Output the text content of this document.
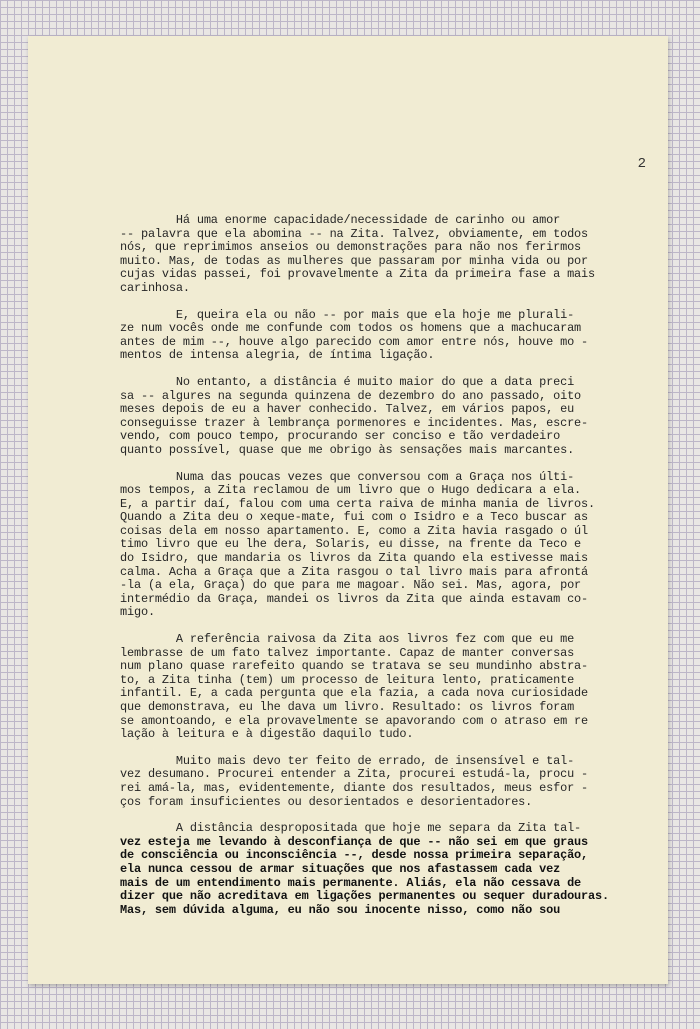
2

Há uma enorme capacidade/necessidade de carinho ou amor
-- palavra que ela abomina -- na Zita. Talvez, obviamente, em todos
nós, que reprimimos anseios ou demonstrações para não nos ferirmos
muito. Mas, de todas as mulheres que passaram por minha vida ou por
cujas vidas passei, foi provavelmente a Zita da primeira fase a mais
carinhosa.

E, queira ela ou não -- por mais que ela hoje me plurali-
ze num vocês onde me confunde com todos os homens que a machucaram
antes de mim --, houve algo parecido com amor entre nós, houve mo -
mentos de intensa alegria, de íntima ligação.

No entanto, a distância é muito maior do que a data preci
sa -- algures na segunda quinzena de dezembro do ano passado, oito
meses depois de eu a haver conhecido. Talvez, em vários papos, eu
conseguisse trazer à lembrança pormenores e incidentes. Mas, escre-
vendo, com pouco tempo, procurando ser conciso e tão verdadeiro
quanto possível, quase que me obrigo às sensações mais marcantes.

Numa das poucas vezes que conversou com a Graça nos últi-
mos tempos, a Zita reclamou de um livro que o Hugo dedicara a ela.
E, a partir daí, falou com uma certa raiva de minha mania de livros.
Quando a Zita deu o xeque-mate, fui com o Isidro e a Teco buscar as
coisas dela em nosso apartamento. E, como a Zita havia rasgado o úl
timo livro que eu lhe dera, Solaris, eu disse, na frente da Teco e
do Isidro, que mandaria os livros da Zita quando ela estivesse mais
calma. Acha a Graça que a Zita rasgou o tal livro mais para afrontá
-la (a ela, Graça) do que para me magoar. Não sei. Mas, agora, por
intermédio da Graça, mandei os livros da Zita que ainda estavam co-
migo.

A referência raivosa da Zita aos livros fez com que eu me
lembrasse de um fato talvez importante. Capaz de manter conversas
num plano quase rarefeito quando se tratava se seu mundinho abstra-
to, a Zita tinha (tem) um processo de leitura lento, praticamente
infantil. E, a cada pergunta que ela fazia, a cada nova curiosidade
que demonstrava, eu lhe dava um livro. Resultado: os livros foram
se amontoando, e ela provavelmente se apavorando com o atraso em re
lação à leitura e à digestão daquilo tudo.

Muito mais devo ter feito de errado, de insensível e tal-
vez desumano. Procurei entender a Zita, procurei estudá-la, procu -
rei amá-la, mas, evidentemente, diante dos resultados, meus esfor -
ços foram insuficientes ou desorientados e desorientadores.

A distância despropositada que hoje me separa da Zita tal-
vez esteja me levando à desconfiança de que -- não sei em que graus
de consciência ou inconsciência --, desde nossa primeira separação,
ela nunca cessou de armar situações que nos afastassem cada vez
mais de um entendimento mais permanente. Aliás, ela não cessava de
dizer que não acreditava em ligações permanentes ou sequer duradouras.
Mas, sem dúvida alguma, eu não sou inocente nisso, como não sou
